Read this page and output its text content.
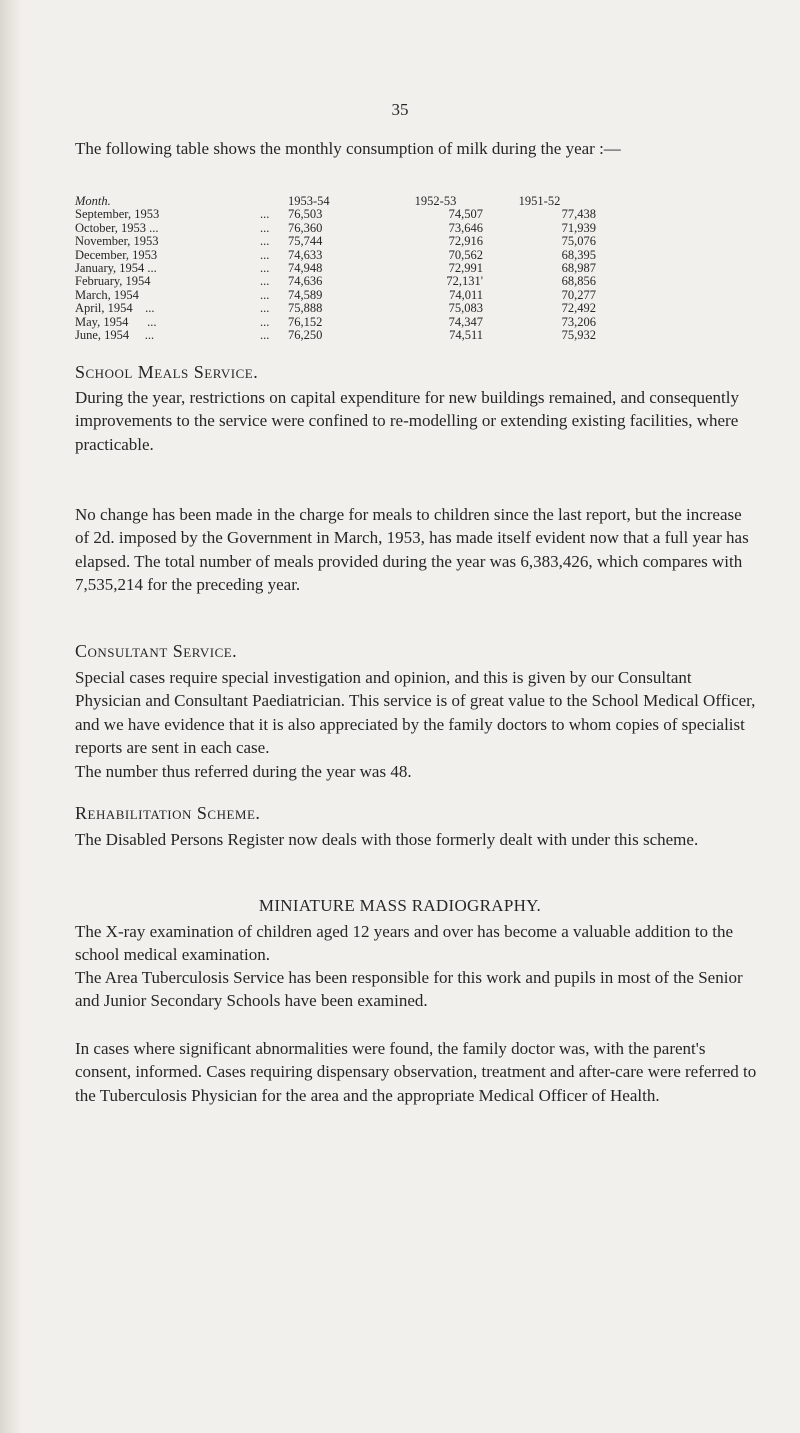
35

The following table shows the monthly consumption of milk during the year :—

Month.		1953-54	1952-53	1951-52
September, 1953	...	76,503	74,507	77,438
October, 1953 ...	...	76,360	73,646	71,939
November, 1953	...	75,744	72,916	75,076
December, 1953	...	74,633	70,562	68,395
January, 1954 ...	...	74,948	72,991	68,987
February, 1954	...	74,636	72,131'	68,856
March, 1954	...	74,589	74,011	70,277
April, 1954    ...	...	75,888	75,083	72,492
May, 1954      ...	...	76,152	74,347	73,206
June, 1954     ...	...	76,250	74,511	75,932
School Meals Service.

During the year, restrictions on capital expenditure for new buildings remained, and consequently improvements to the service were confined to re-modelling or extending existing facilities, where practicable.

No change has been made in the charge for meals to children since the last report, but the increase of 2d. imposed by the Government in March, 1953, has made itself evident now that a full year has elapsed. The total number of meals provided during the year was 6,383,426, which compares with 7,535,214 for the preceding year.

Consultant Service.

Special cases require special investigation and opinion, and this is given by our Consultant Physician and Consultant Paediatrician. This service is of great value to the School Medical Officer, and we have evidence that it is also appreciated by the family doctors to whom copies of specialist reports are sent in each case.

The number thus referred during the year was 48.

Rehabilitation Scheme.

The Disabled Persons Register now deals with those formerly dealt with under this scheme.

MINIATURE MASS RADIOGRAPHY.

The X-ray examination of children aged 12 years and over has become a valuable addition to the school medical examination.

The Area Tuberculosis Service has been responsible for this work and pupils in most of the Senior and Junior Secondary Schools have been examined.

In cases where significant abnormalities were found, the family doctor was, with the parent's consent, informed. Cases requiring dispensary observation, treatment and after-care were referred to the Tuberculosis Physician for the area and the appropriate Medical Officer of Health.
